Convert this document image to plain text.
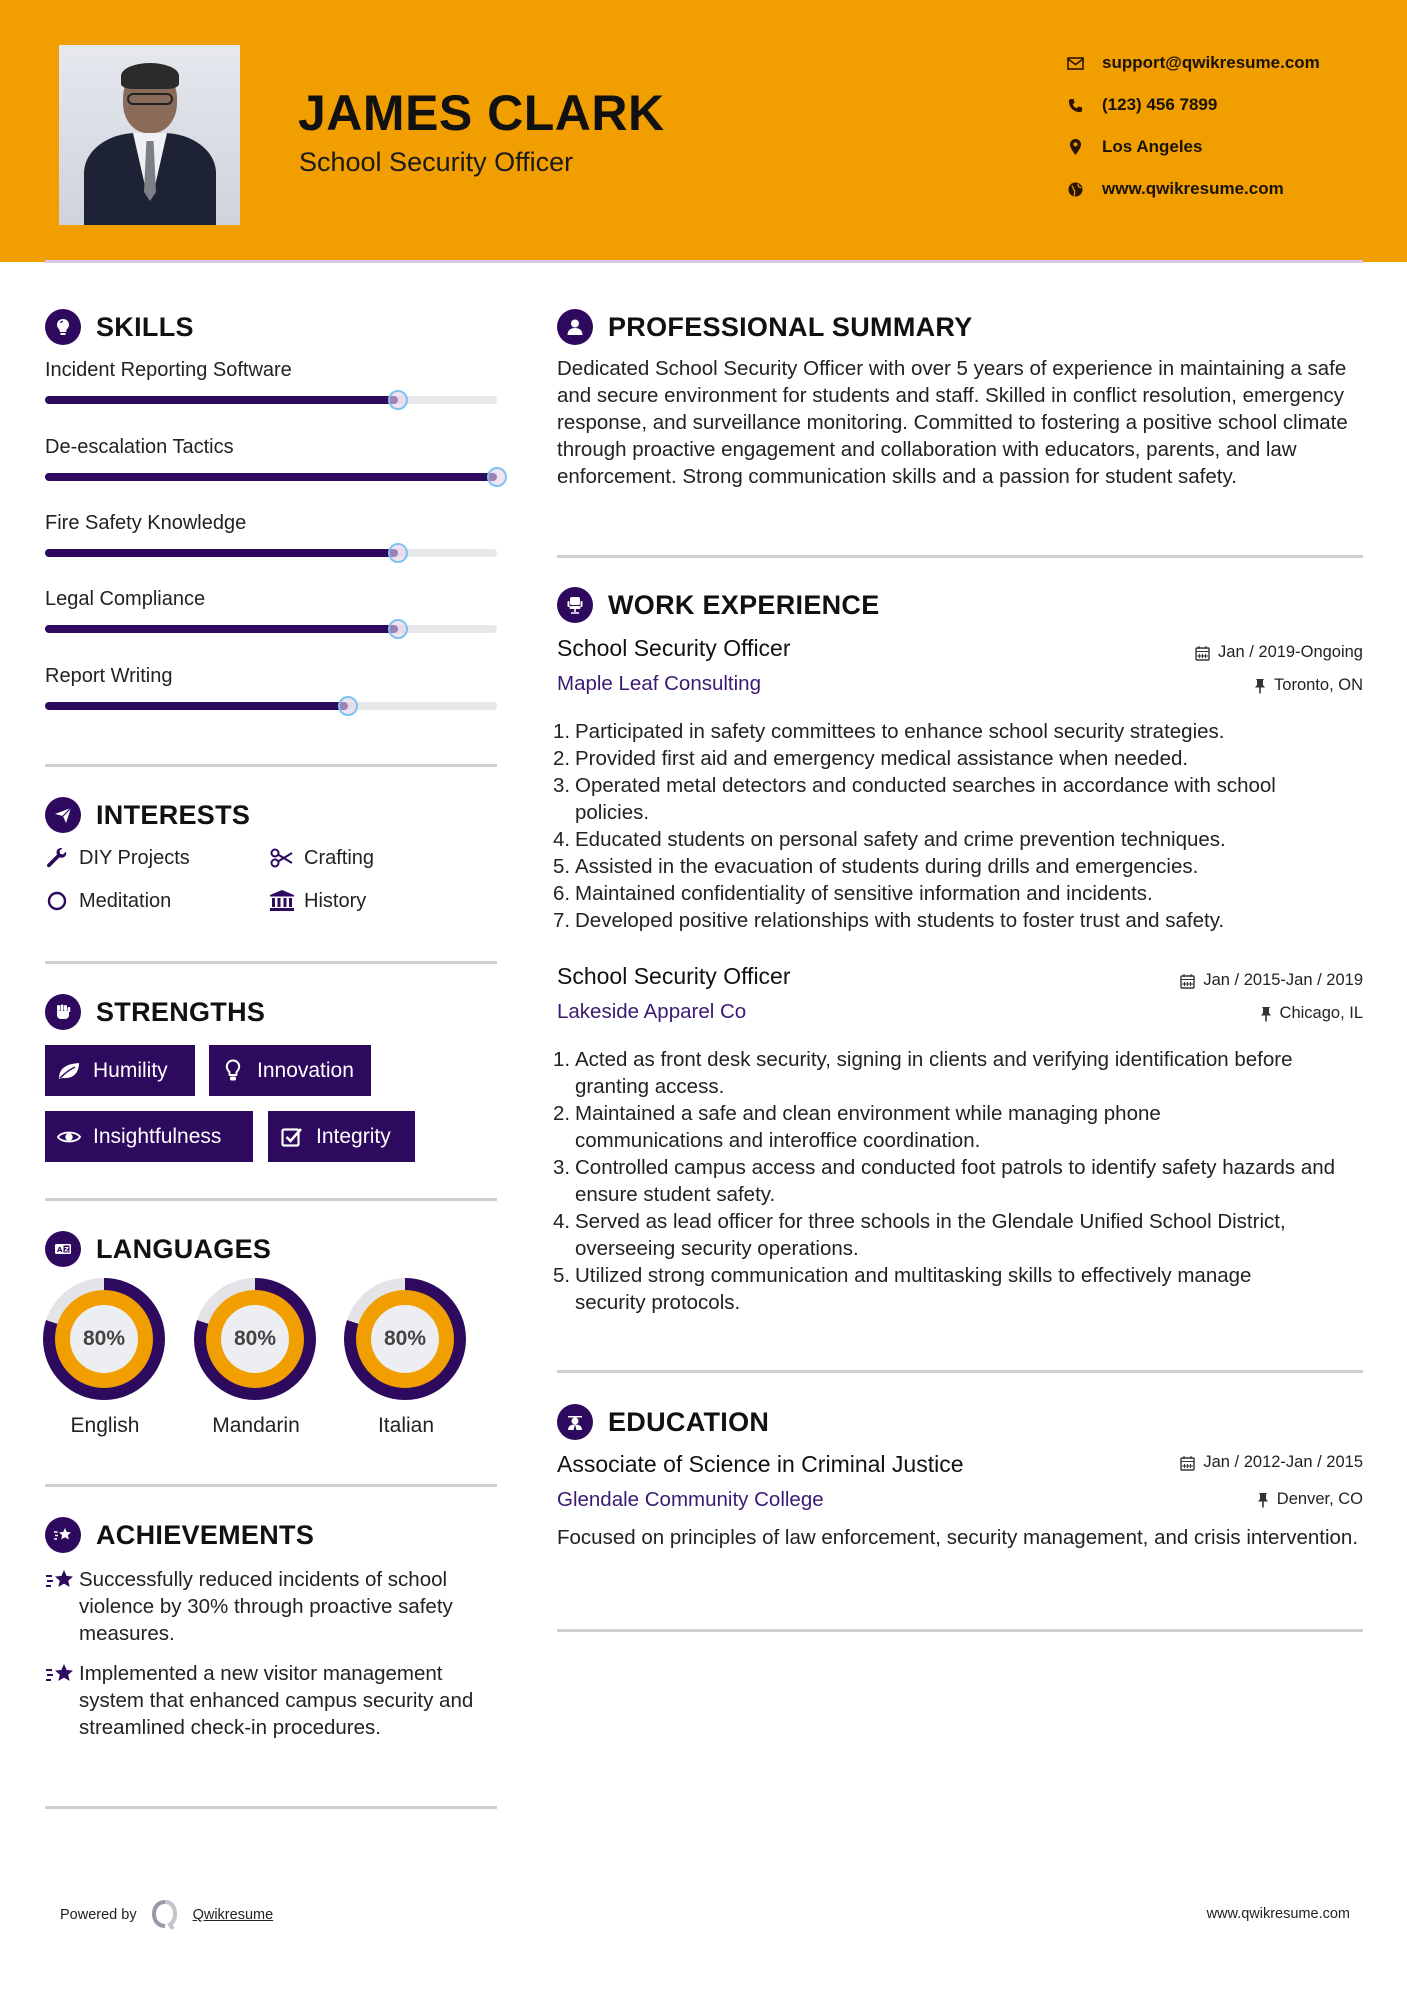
JAMES CLARK
School Security Officer
support@qwikresume.com
(123) 456 7899
Los Angeles
www.qwikresume.com
SKILLS
Incident Reporting Software
De-escalation Tactics
Fire Safety Knowledge
Legal Compliance
Report Writing
INTERESTS
DIY Projects	Crafting
Meditation	History
STRENGTHS
Humility	Innovation
Insightfulness	Integrity
A Z LANGUAGES
80%
English
80%
Mandarin
80%
Italian
ACHIEVEMENTS
Successfully reduced incidents of school violence by 30% through proactive safety measures.
Implemented a new visitor management system that enhanced campus security and streamlined check-in procedures.
PROFESSIONAL SUMMARY
Dedicated School Security Officer with over 5 years of experience in maintaining a safe and secure environment for students and staff. Skilled in conflict resolution, emergency response, and surveillance monitoring. Committed to fostering a positive school climate through proactive engagement and collaboration with educators, parents, and law enforcement. Strong communication skills and a passion for student safety.
WORK EXPERIENCE
School Security Officer	Jan / 2019-Ongoing
Maple Leaf Consulting	Toronto, ON
1. Participated in safety committees to enhance school security strategies.
2. Provided first aid and emergency medical assistance when needed.
3. Operated metal detectors and conducted searches in accordance with school policies.
4. Educated students on personal safety and crime prevention techniques.
5. Assisted in the evacuation of students during drills and emergencies.
6. Maintained confidentiality of sensitive information and incidents.
7. Developed positive relationships with students to foster trust and safety.
School Security Officer	Jan / 2015-Jan / 2019
Lakeside Apparel Co	Chicago, IL
1. Acted as front desk security, signing in clients and verifying identification before granting access.
2. Maintained a safe and clean environment while managing phone communications and interoffice coordination.
3. Controlled campus access and conducted foot patrols to identify safety hazards and ensure student safety.
4. Served as lead officer for three schools in the Glendale Unified School District, overseeing security operations.
5. Utilized strong communication and multitasking skills to effectively manage security protocols.
EDUCATION
Associate of Science in Criminal Justice	Jan / 2012-Jan / 2015
Glendale Community College	Denver, CO
Focused on principles of law enforcement, security management, and crisis intervention.
Powered by	Qwikresume	www.qwikresume.com
